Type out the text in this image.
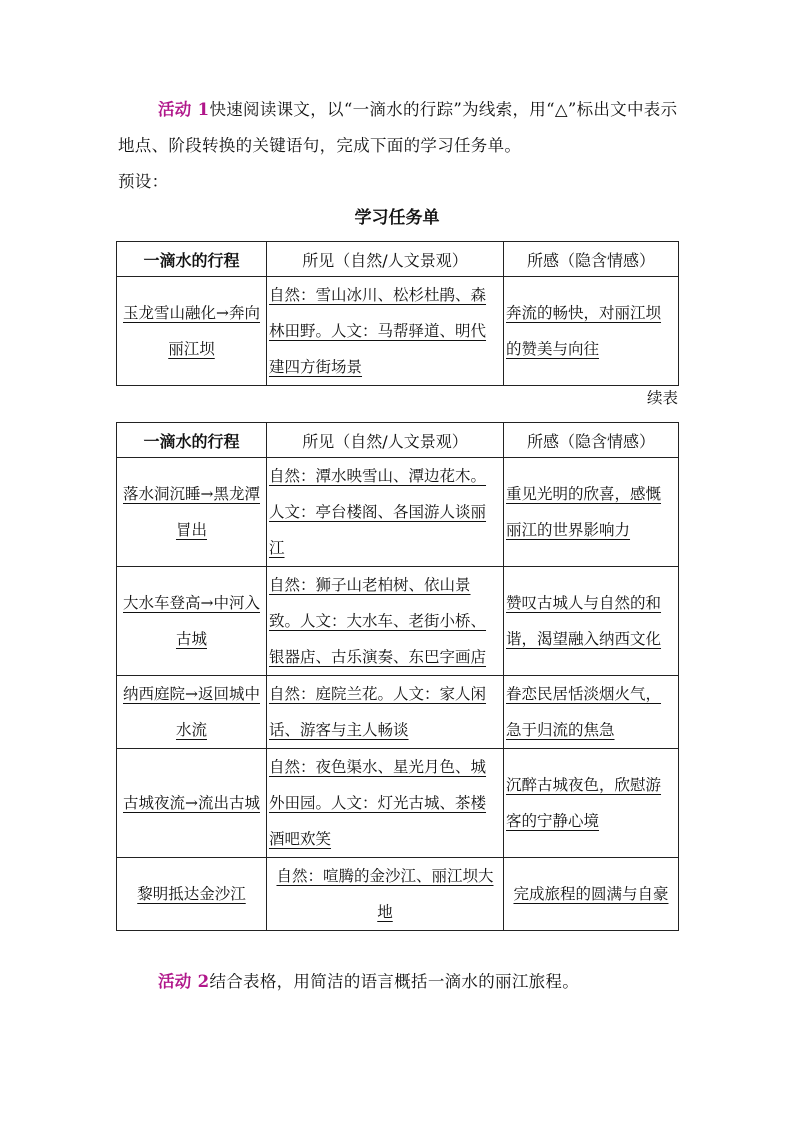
活动 1快速阅读课文，以“一滴水的行踪”为线索，用“△”标出文中表示地点、阶段转换的关键语句，完成下面的学习任务单。
预设：
学习任务单
一滴水的行程	所见（自然/人文景观）	所感（隐含情感）
玉龙雪山融化→奔向丽江坝	自然：雪山冰川、松杉杜鹃、森林田野。人文：马帮驿道、明代建四方街场景	奔流的畅快，对丽江坝的赞美与向往
续表
一滴水的行程	所见（自然/人文景观）	所感（隐含情感）
落水洞沉睡→黑龙潭冒出	自然：潭水映雪山、潭边花木。人文：亭台楼阁、各国游人谈丽江	重见光明的欣喜，感慨丽江的世界影响力
大水车登高→中河入古城	自然：狮子山老柏树、依山景致。人文：大水车、老街小桥、银器店、古乐演奏、东巴字画店	赞叹古城人与自然的和谐，渴望融入纳西文化
纳西庭院→返回城中水流	自然：庭院兰花。人文：家人闲话、游客与主人畅谈	眷恋民居恬淡烟火气，急于归流的焦急
古城夜流→流出古城	自然：夜色渠水、星光月色、城外田园。人文：灯光古城、茶楼酒吧欢笑	沉醉古城夜色，欣慰游客的宁静心境
黎明抵达金沙江	自然：喧腾的金沙江、丽江坝大地	完成旅程的圆满与自豪
活动 2结合表格，用简洁的语言概括一滴水的丽江旅程。
